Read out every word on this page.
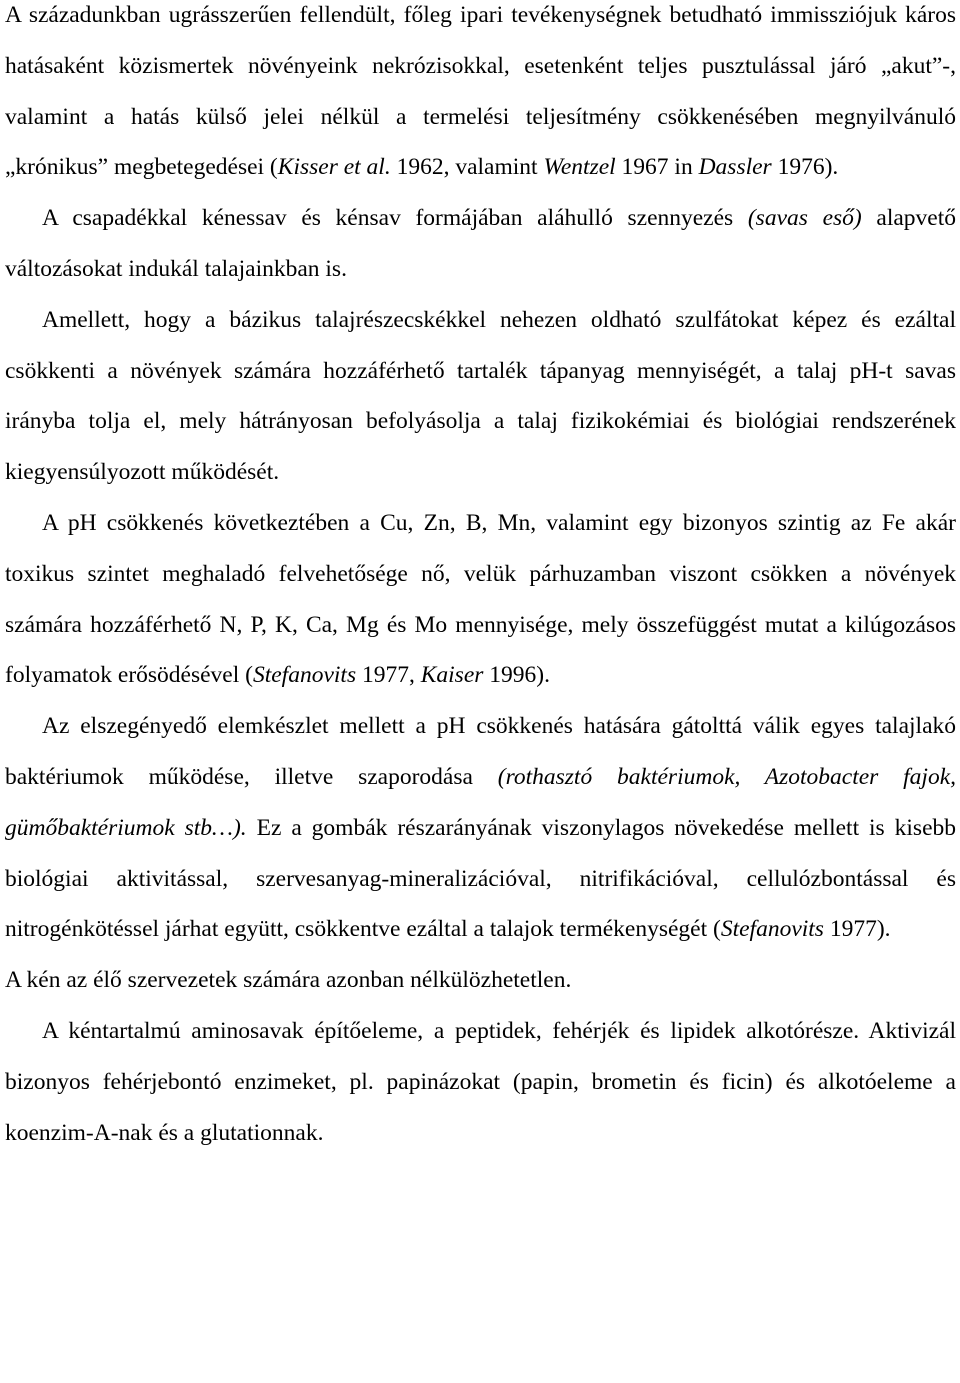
A századunkban ugrásszerűen fellendült, főleg ipari tevékenységnek betudható immissziójuk káros hatásaként közismertek növényeink nekrózisokkal, esetenként teljes pusztulással járó „akut”-, valamint a hatás külső jelei nélkül a termelési teljesítmény csökkenésében megnyilvánuló „krónikus” megbetegedései (Kisser et al. 1962, valamint Wentzel 1967 in Dassler 1976).

A csapadékkal kénessav és kénsav formájában aláhulló szennyezés (savas eső) alapvető változásokat indukál talajainkban is.

Amellett, hogy a bázikus talajrészecskékkel nehezen oldható szulfátokat képez és ezáltal csökkenti a növények számára hozzáférhető tartalék tápanyag mennyiségét, a talaj pH-t savas irányba tolja el, mely hátrányosan befolyásolja a talaj fizikokémiai és biológiai rendszerének kiegyensúlyozott működését.

A pH csökkenés következtében a Cu, Zn, B, Mn, valamint egy bizonyos szintig az Fe akár toxikus szintet meghaladó felvehetősége nő, velük párhuzamban viszont csökken a növények számára hozzáférhető N, P, K, Ca, Mg és Mo mennyisége, mely összefüggést mutat a kilúgozásos folyamatok erősödésével (Stefanovits 1977, Kaiser 1996).

Az elszegényedő elemkészlet mellett a pH csökkenés hatására gátolttá válik egyes talajlakó baktériumok működése, illetve szaporodása (rothasztó baktériumok, Azotobacter fajok, gümőbaktériumok stb…). Ez a gombák részarányának viszonylagos növekedése mellett is kisebb biológiai aktivitással, szervesanyag-mineralizációval, nitrifikációval, cellulózbontással és nitrogénkötéssel járhat együtt, csökkentve ezáltal a talajok termékenységét (Stefanovits 1977).

A kén az élő szervezetek számára azonban nélkülözhetetlen.

A kéntartalmú aminosavak építőeleme, a peptidek, fehérjék és lipidek alkotórésze. Aktivizál bizonyos fehérjebontó enzimeket, pl. papinázokat (papin, brometin és ficin) és alkotóeleme a koenzim-A-nak és a glutationnak.
